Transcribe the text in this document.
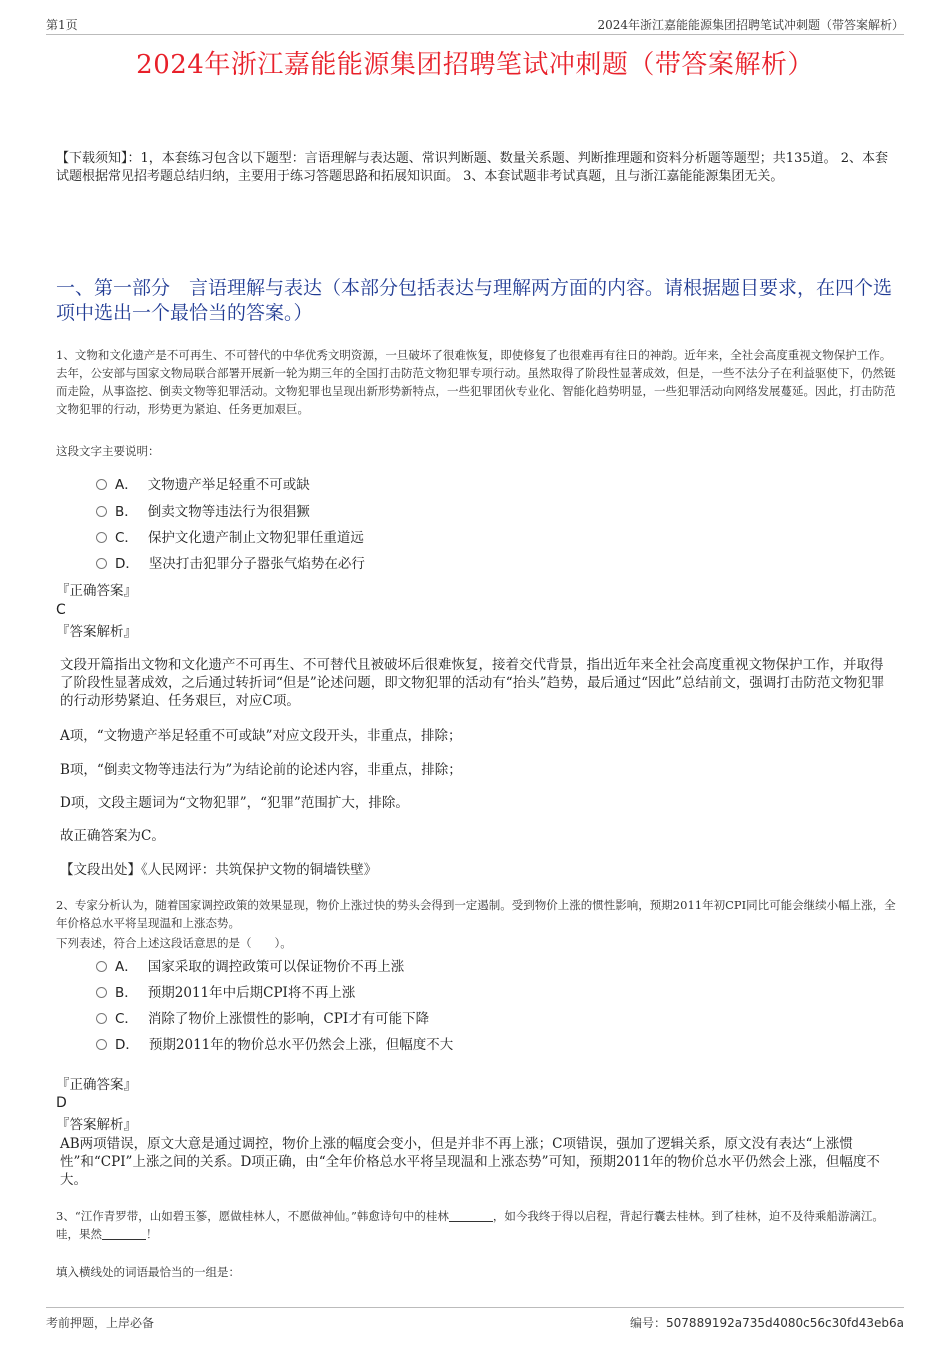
第1页	2024年浙江嘉能能源集团招聘笔试冲刺题（带答案解析）
2024年浙江嘉能能源集团招聘笔试冲刺题（带答案解析）
【下载须知】：1，本套练习包含以下题型：言语理解与表达题、常识判断题、数量关系题、判断推理题和资料分析题等题型；共135道。 2、本套试题根据常见招考题总结归纳，主要用于练习答题思路和拓展知识面。 3、本套试题非考试真题，且与浙江嘉能能源集团无关。
一、第一部分　言语理解与表达（本部分包括表达与理解两方面的内容。请根据题目要求，在四个选项中选出一个最恰当的答案。）
1、文物和文化遗产是不可再生、不可替代的中华优秀文明资源，一旦破坏了很难恢复，即使修复了也很难再有往日的神韵。近年来，全社会高度重视文物保护工作。去年，公安部与国家文物局联合部署开展新一轮为期三年的全国打击防范文物犯罪专项行动。虽然取得了阶段性显著成效，但是，一些不法分子在利益驱使下，仍然铤而走险，从事盗挖、倒卖文物等犯罪活动。文物犯罪也呈现出新形势新特点，一些犯罪团伙专业化、智能化趋势明显，一些犯罪活动向网络发展蔓延。因此，打击防范文物犯罪的行动，形势更为紧迫、任务更加艰巨。
这段文字主要说明：
A． 文物遗产举足轻重不可或缺
B． 倒卖文物等违法行为很猖獗
C． 保护文化遗产制止文物犯罪任重道远
D． 坚决打击犯罪分子嚣张气焰势在必行
『正确答案』
C
『答案解析』
文段开篇指出文物和文化遗产不可再生、不可替代且被破坏后很难恢复，接着交代背景，指出近年来全社会高度重视文物保护工作，并取得了阶段性显著成效，之后通过转折词“但是”论述问题，即文物犯罪的活动有“抬头”趋势，最后通过“因此”总结前文，强调打击防范文物犯罪的行动形势紧迫、任务艰巨，对应C项。
A项，“文物遗产举足轻重不可或缺”对应文段开头，非重点，排除；
B项，“倒卖文物等违法行为”为结论前的论述内容，非重点，排除；
D项，文段主题词为“文物犯罪”，“犯罪”范围扩大，排除。
故正确答案为C。
【文段出处】《人民网评：共筑保护文物的铜墙铁壁》
2、专家分析认为，随着国家调控政策的效果显现，物价上涨过快的势头会得到一定遏制。受到物价上涨的惯性影响，预期2011年初CPI同比可能会继续小幅上涨，全年价格总水平将呈现温和上涨态势。
下列表述，符合上述这段话意思的是（　　）。
A． 国家采取的调控政策可以保证物价不再上涨
B． 预期2011年中后期CPI将不再上涨
C． 消除了物价上涨惯性的影响，CPI才有可能下降
D． 预期2011年的物价总水平仍然会上涨，但幅度不大
『正确答案』
D
『答案解析』
AB两项错误，原文大意是通过调控，物价上涨的幅度会变小，但是并非不再上涨；C项错误，强加了逻辑关系，原文没有表达“上涨惯性”和“CPI”上涨之间的关系。D项正确，由“全年价格总水平将呈现温和上涨态势”可知，预期2011年的物价总水平仍然会上涨，但幅度不大。
3、“江作青罗带，山如碧玉篸，愿做桂林人，不愿做神仙。”韩愈诗句中的桂林	，如今我终于得以启程，背起行囊去桂林。到了桂林，迫不及待乘船游漓江。哇，果然	！
填入横线处的词语最恰当的一组是：
考前押题，上岸必备	编号：507889192a735d4080c56c30fd43eb6a
